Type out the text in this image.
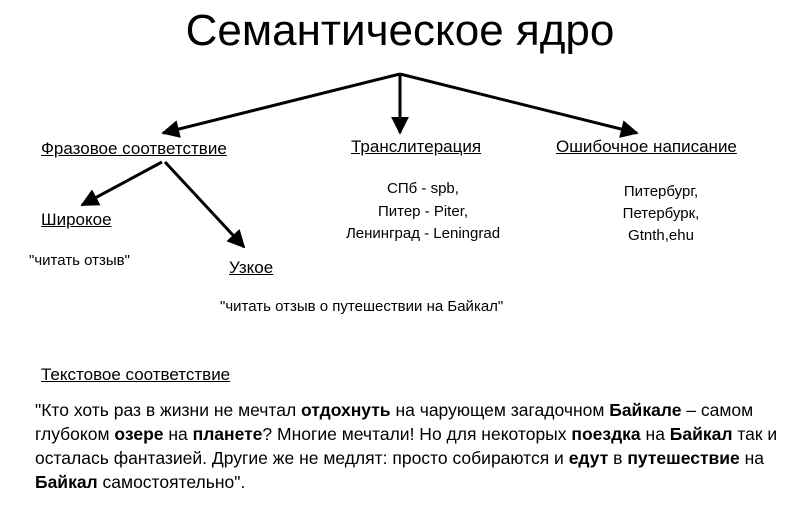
Семантическое ядро
Фразовое соответствие	Транслитерация	Ошибочное написание
Широкое
"читать отзыв"	Узкое
"читать отзыв о путешествии на Байкал"
СПб - spb,
Питер - Piter,
Ленинград - Leningrad
Питербург,
Петербурк,
Gtnth,ehu
Текстовое соответствие
"Кто хоть раз в жизни не мечтал отдохнуть на чарующем загадочном Байкале – самом глубоком озере на планете? Многие мечтали! Но для некоторых поездка на Байкал так и осталась фантазией. Другие же не медлят: просто собираются и едут в путешествие на Байкал самостоятельно".
